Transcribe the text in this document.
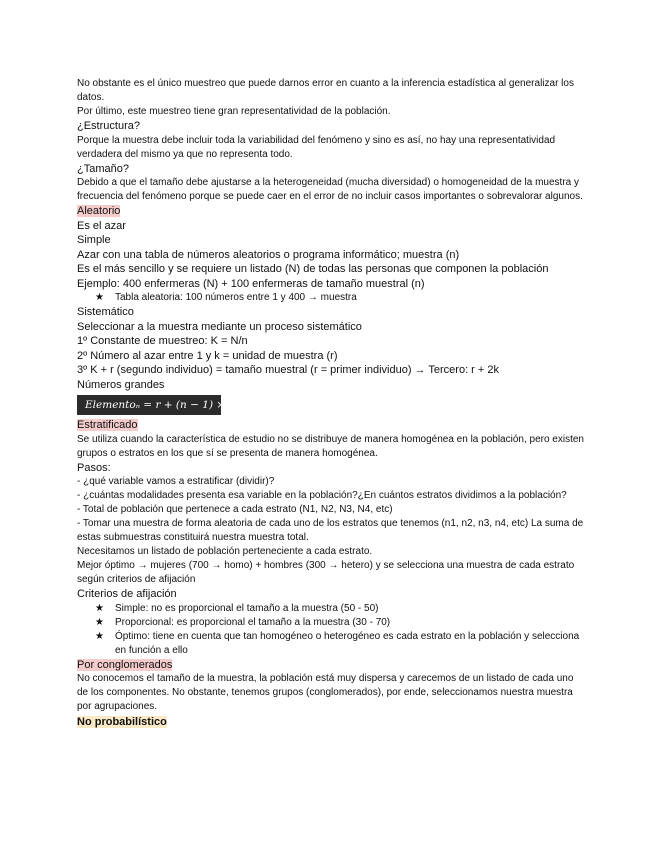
No obstante es el único muestreo que puede darnos error en cuanto a la inferencia estadística al generalizar los datos.

Por último, este muestreo tiene gran representatividad de la población.

¿Estructura?

Porque la muestra debe incluir toda la variabilidad del fenómeno y sino es así, no hay una representatividad verdadera del mismo ya que no representa todo.

¿Tamaño?

Debido a que el tamaño debe ajustarse a la heterogeneidad (mucha diversidad) o homogeneidad de la muestra y frecuencia del fenómeno porque se puede caer en el error de no incluir casos importantes o sobrevalorar algunos.

Aleatorio

Es el azar

Simple

Azar con una tabla de números aleatorios o programa informático; muestra (n)

Es el más sencillo y se requiere un listado (N) de todas las personas que componen la población

Ejemplo: 400 enfermeras (N) + 100 enfermeras de tamaño muestral (n)

★ Tabla aleatoria: 100 números entre 1 y 400 → muestra

Sistemático

Seleccionar a la muestra mediante un proceso sistemático

1º Constante de muestreo: K = N/n

2º Número al azar entre 1 y k = unidad de muestra (r)

3º K + r (segundo individuo) = tamaño muestral (r = primer individuo) → Tercero: r + 2k

Números grandes

Elementoₙ = r + (n − 1) × K

Estratificado

Se utiliza cuando la característica de estudio no se distribuye de manera homogénea en la población, pero existen grupos o estratos en los que sí se presenta de manera homogénea.

Pasos:

- ¿qué variable vamos a estratificar (dividir)?

- ¿cuántas modalidades presenta esa variable en la población?¿En cuántos estratos dividimos a la población?

- Total de población que pertenece a cada estrato (N1, N2, N3, N4, etc)

- Tomar una muestra de forma aleatoria de cada uno de los estratos que tenemos (n1, n2, n3, n4, etc) La suma de estas submuestras constituirá nuestra muestra total.

Necesitamos un listado de población perteneciente a cada estrato.

Mejor óptimo → mujeres (700 → homo) + hombres (300 → hetero) y se selecciona una muestra de cada estrato según criterios de afijación

Criterios de afijación

★ Simple: no es proporcional el tamaño a la muestra (50 - 50)

★ Proporcional: es proporcional el tamaño a la muestra (30 - 70)

★ Óptimo: tiene en cuenta que tan homogéneo o heterogéneo es cada estrato en la población y selecciona en función a ello

Por conglomerados

No conocemos el tamaño de la muestra, la población está muy dispersa y carecemos de un listado de cada uno de los componentes. No obstante, tenemos grupos (conglomerados), por ende, seleccionamos nuestra muestra por agrupaciones.

No probabilístico
